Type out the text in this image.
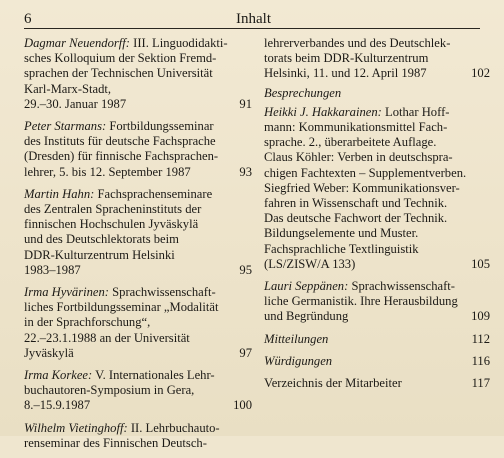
6	Inhalt
Dagmar Neuendorff: III. Linguodidakti-
sches Kolloquium der Sektion Fremd-
sprachen der Technischen Universität
Karl-Marx-Stadt,
29.–30. Januar 1987	91
Peter Starmans: Fortbildungsseminar
des Instituts für deutsche Fachsprache
(Dresden) für finnische Fachsprachen-
lehrer, 5. bis 12. September 1987	93
Martin Hahn: Fachsprachenseminare
des Zentralen Spracheninstituts der
finnischen Hochschulen Jyväskylä
und des Deutschlektorats beim
DDR-Kulturzentrum Helsinki
1983–1987	95
Irma Hyvärinen: Sprachwissenschaft-
liches Fortbildungsseminar „Modalität
in der Sprachforschung“,
22.–23.1.1988 an der Universität
Jyväskylä	97
Irma Korkee: V. Internationales Lehr-
buchautoren-Symposium in Gera,
8.–15.9.1987	100
Wilhelm Vietinghoff: II. Lehrbuchauto-
renseminar des Finnischen Deutsch-
lehrerverbandes und des Deutschlek-
torats beim DDR-Kulturzentrum
Helsinki, 11. und 12. April 1987	102
Besprechungen
Heikki J. Hakkarainen: Lothar Hoff-
mann: Kommunikationsmittel Fach-
sprache. 2., überarbeitete Auflage.
Claus Köhler: Verben in deutschspra-
chigen Fachtexten – Supplementverben.
Siegfried Weber: Kommunikationsver-
fahren in Wissenschaft und Technik.
Das deutsche Fachwort der Technik.
Bildungselemente und Muster.
Fachsprachliche Textlinguistik
(LS/ZISW/A 133)	105
Lauri Seppänen: Sprachwissenschaft-
liche Germanistik. Ihre Herausbildung
und Begründung	109
Mitteilungen	112
Würdigungen	116
Verzeichnis der Mitarbeiter	117
